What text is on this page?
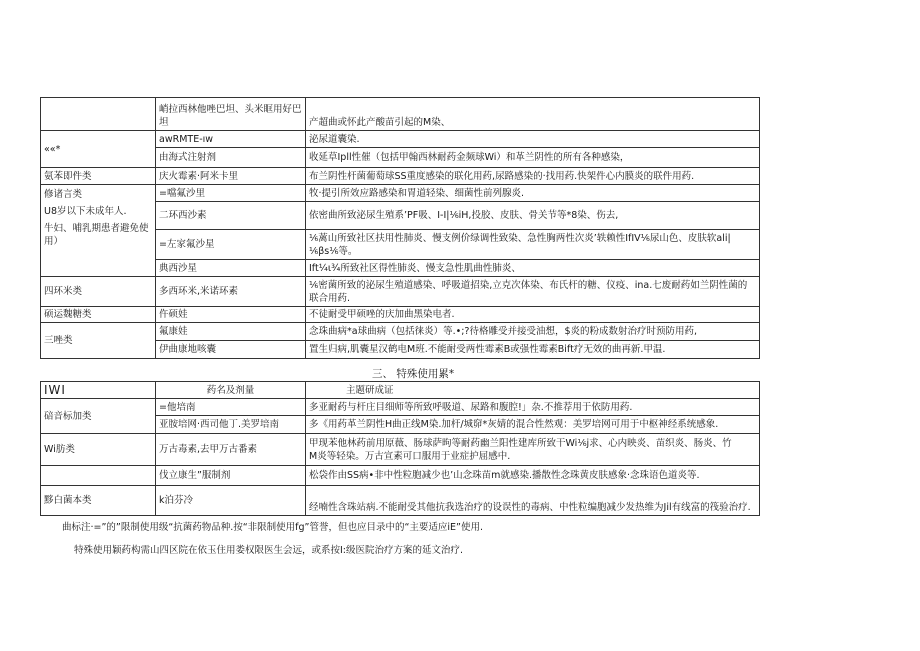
	峭拉西林他唑巴坦、头米眶用好巴坦	产超曲或怀此产酸苗引起的M染、
««*	awRMTE-ıw	泌尿道囊染.
	由海式注射剂	收延草Ipll性催（包括甲翰西林耐药金频球Wi）和革兰阴性的所有各种感染，
氨苯即件类	庆火霉素·阿米卡里	布兰阴性杆菌葡萄球SS重度感染的联化用药,尿路感染的·找用药.快架件心内膜炎的联件用药.

修诸言类
U8岁以下未成年人.
牛妇、哺乳期患者避免使用）	=噹氟沙里	牧·提引所效应路感染和胃道轻染、细菌性前列腺炎.
	二环西沙素	依密曲所致泌尿生殖系’PF吸、I-I|⅙iH,投胶、皮肤、骨关节等*8染、伤去,
	=左家氟沙星	⅙蓠山所致社区扶用性肺炎、慢支例价绿调性致染、急性胸两性次炎’轶赖性IfIV⅙尿山色、皮肤软ali|⅙βs⅙等。
	典西沙星	Ift¼ι¾所致社区得性肺炎、慢支急性肌曲性肺炎、
四环米类	多西环米,米诺环素	⅙密菌所致的泌尿生殖道感染、呼吸道招染,立克次体染、布氏杆的糖、仪疫、ina.七废耐药如兰阴性菌的联合用药.
硕运魏糖类	仵硕娃	不徒耐受甲硕唑的庆加曲黑染电者.
三唑类	氟康娃	念珠曲病*a球曲病（包括徕炎）等.•;?待格雕受并接受油想，$炎的粉成数射治疗时预防用药,
	伊曲康地咳囊	置生归病,肌囊星汉鹤电M班.不能耐受两性霉素B或强性霉素Bift疗无效的曲再新.甲温.
三、 特殊使用累*
IWI	药名及剂量	主题研成证
碚音标加类	=他培南	多亚耐药与杆庄目细师等所致呼吸道、尿路和腹腔!」杂.不推荐用于依防用药.
	亚胺培网·西司他丁.美罗培南	多《用药革兰阴性H曲正线M染.加杆/城窌*灰婧的混合性然观：美罗培网可用于中枢神经系统感象.
Wi肪类	万古毒素,去甲万古番素	甲现苯他林药前用原薇、肠球萨昫等耐药幽兰阳性建库所致干Wi⅙j求、心内映炎、苗织炎、肠炎、竹
M炎等轻染。万古宣素可口服用于业症护屈感中.

	伐立康生”服制剂	松袋作由SS病•非中性粒胞减少也’山念珠苗m就感染.播散性念珠黄皮肤感象·念珠语色道炎等.
黟白菌本类	k泊芬冷	经喃性含珠站病.不能耐受其他抗我选治疗的设误性的毒病、中性粒编胞减少发热维为Jil有线富的筏验治疗.
曲标注·=”的”限制使用级“抗菌药物品种.按“非限制使用fg”管誉，但也应目录中的“主要适应iE”使用.
特殊使用颖药构需山四区院在依玉住用娄权限医生会远，或系按I:级医院治疗方案的延文治疗.
